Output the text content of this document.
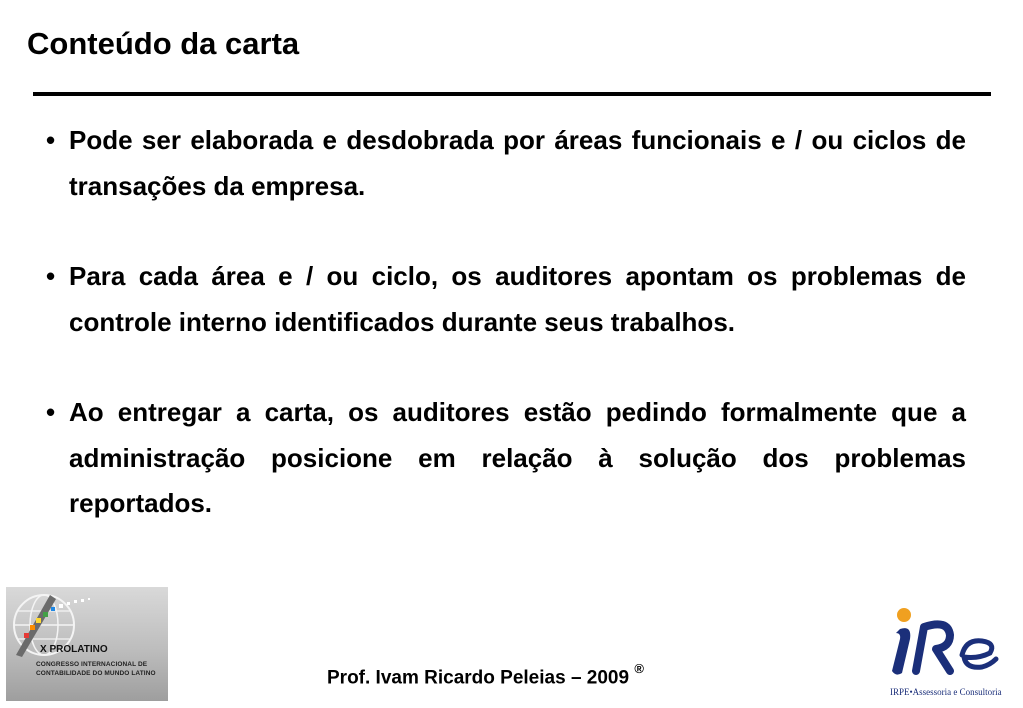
Conteúdo da carta
• Pode ser elaborada e desdobrada por áreas funcionais e / ou ciclos de transações da empresa.
• Para cada área e / ou ciclo, os auditores apontam os problemas de controle interno identificados durante seus trabalhos.
• Ao entregar a carta, os auditores estão pedindo formalmente que a administração posicione em relação à solução dos problemas reportados.
X PROLATINO
CONGRESSO INTERNACIONAL DE
CONTABILIDADE DO MUNDO LATINO	Prof. Ivam Ricardo Peleias – 2009 ®
IRPE•Assessoria e Consultoria
